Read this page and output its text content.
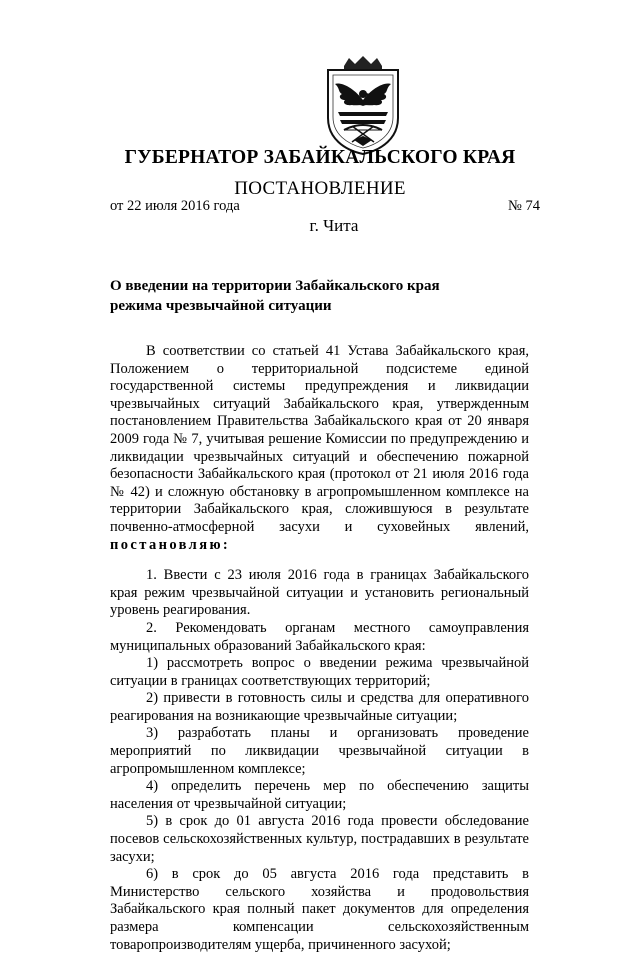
ГУБЕРНАТОР ЗАБАЙКАЛЬСКОГО КРАЯ
ПОСТАНОВЛЕНИЕ
от 22 июля 2016 года	№ 74
г. Чита
О введении на территории Забайкальского края
режима чрезвычайной ситуации

В соответствии со статьей 41 Устава Забайкальского края, Положением о территориальной подсистеме единой государственной системы предупреждения и ликвидации чрезвычайных ситуаций Забайкальского края, утвержденным постановлением Правительства Забайкальского края от 20 января 2009 года № 7, учитывая решение Комиссии по предупреждению и ликвидации чрезвычайных ситуаций и обеспечению пожарной безопасности Забайкальского края (протокол от 21 июля 2016 года № 42) и сложную обстановку в агропромышленном комплексе на территории Забайкальского края, сложившуюся в результате почвенно-атмосферной засухи и суховейных явлений, постановляю:

1. Ввести с 23 июля 2016 года в границах Забайкальского края режим чрезвычайной ситуации и установить региональный уровень реагирования.

2. Рекомендовать органам местного самоуправления муниципальных образований Забайкальского края:

1) рассмотреть вопрос о введении режима чрезвычайной ситуации в границах соответствующих территорий;

2) привести в готовность силы и средства для оперативного реагирования на возникающие чрезвычайные ситуации;

3) разработать планы и организовать проведение мероприятий по ликвидации чрезвычайной ситуации в агропромышленном комплексе;

4) определить перечень мер по обеспечению защиты населения от чрезвычайной ситуации;

5) в срок до 01 августа 2016 года провести обследование посевов сельскохозяйственных культур, пострадавших в результате засухи;

6) в срок до 05 августа 2016 года представить в Министерство сельского хозяйства и продовольствия Забайкальского края полный пакет документов для определения размера компенсации сельскохозяйственным товаропроизводителям ущерба, причиненного засухой;
